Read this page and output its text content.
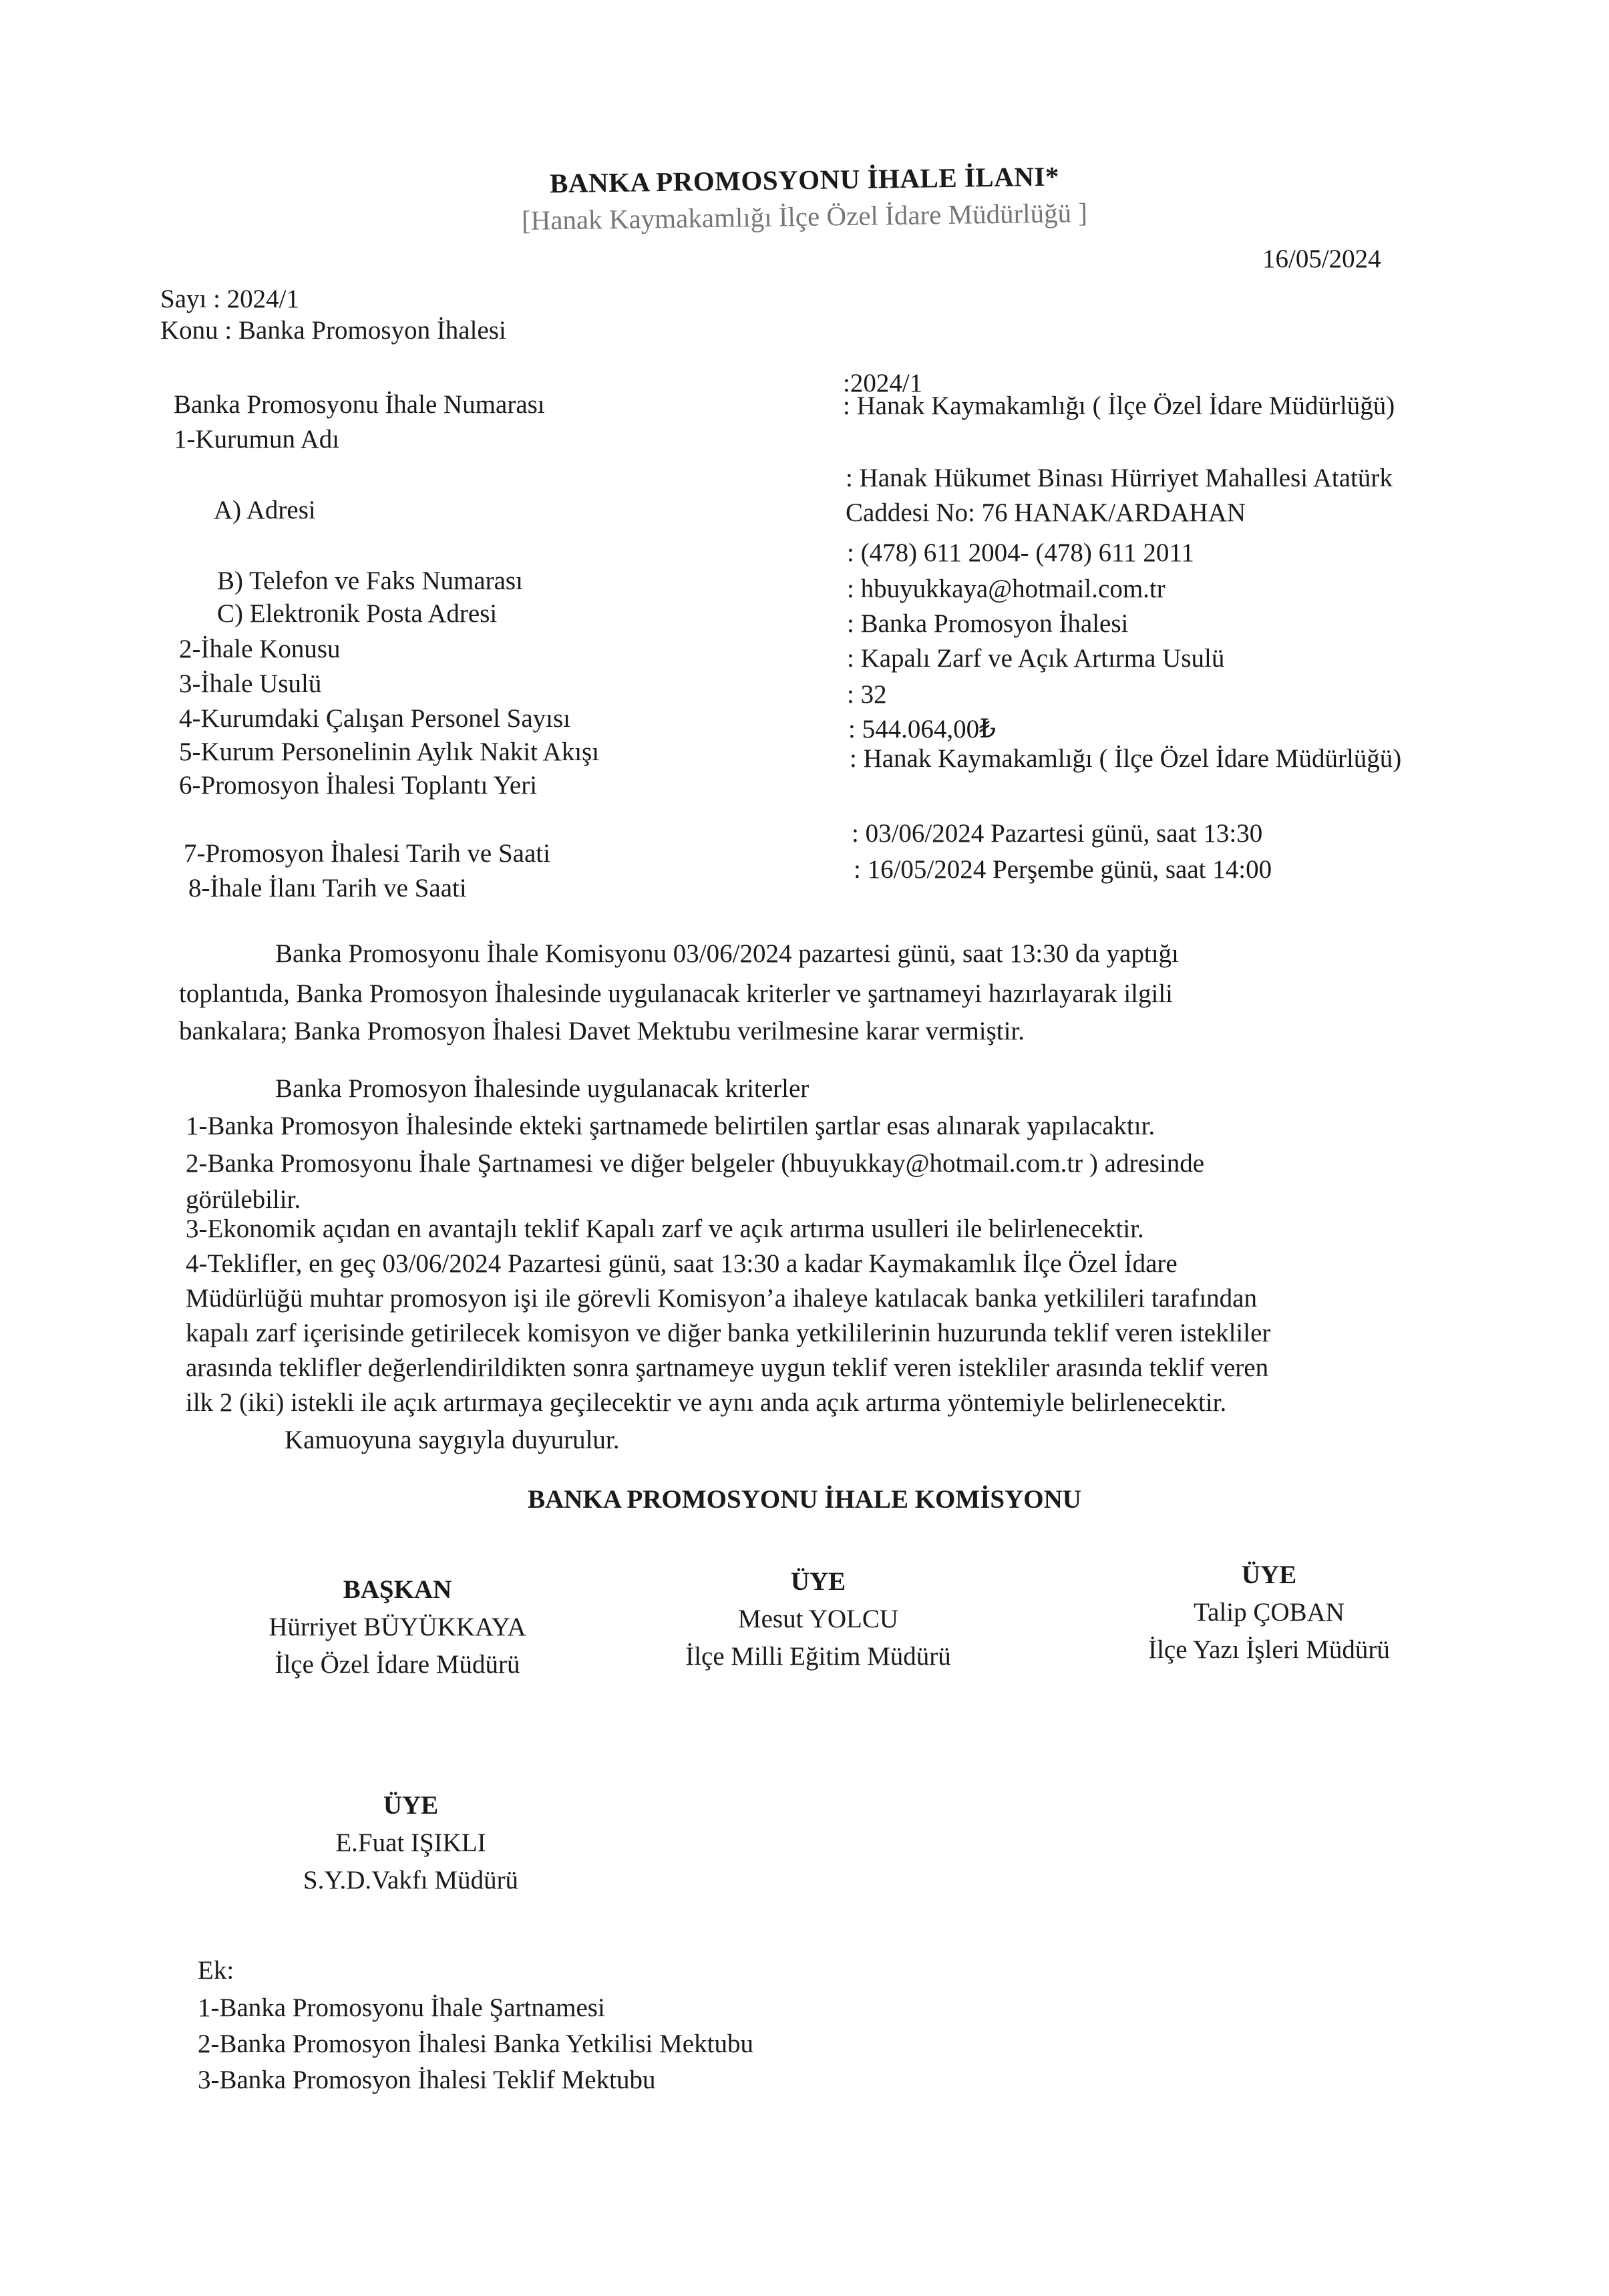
BANKA PROMOSYONU İHALE İLANI*
[Hanak Kaymakamlığı İlçe Özel İdare Müdürlüğü ]
16/05/2024
Sayı : 2024/1
Konu : Banka Promosyon İhalesi
Banka Promosyonu İhale Numarası
1-Kurumun Adı
A) Adresi
B) Telefon ve Faks Numarası
C) Elektronik Posta Adresi
2-İhale Konusu
3-İhale Usulü
4-Kurumdaki Çalışan Personel Sayısı
5-Kurum Personelinin Aylık Nakit Akışı
6-Promosyon İhalesi Toplantı Yeri
7-Promosyon İhalesi Tarih ve Saati
8-İhale İlanı Tarih ve Saati
:2024/1
: Hanak Kaymakamlığı ( İlçe Özel İdare Müdürlüğü)
: Hanak Hükumet Binası Hürriyet Mahallesi Atatürk Caddesi No: 76 HANAK/ARDAHAN
: (478) 611 2004- (478) 611 2011
: hbuyukkaya@hotmail.com.tr
: Banka Promosyon İhalesi
: Kapalı Zarf ve Açık Artırma Usulü
: 32
: 544.064,00₺
: Hanak Kaymakamlığı ( İlçe Özel İdare Müdürlüğü)
: 03/06/2024 Pazartesi günü, saat 13:30
: 16/05/2024 Perşembe günü, saat 14:00
Banka Promosyonu İhale Komisyonu 03/06/2024 pazartesi günü, saat 13:30 da yaptığı
toplantıda, Banka Promosyon İhalesinde uygulanacak kriterler ve şartnameyi hazırlayarak ilgili
bankalara; Banka Promosyon İhalesi Davet Mektubu verilmesine karar vermiştir.
Banka Promosyon İhalesinde uygulanacak kriterler
1-Banka Promosyon İhalesinde ekteki şartnamede belirtilen şartlar esas alınarak yapılacaktır.
2-Banka Promosyonu İhale Şartnamesi ve diğer belgeler (hbuyukkay@hotmail.com.tr ) adresinde
görülebilir.
3-Ekonomik açıdan en avantajlı teklif Kapalı zarf ve açık artırma usulleri ile belirlenecektir.
4-Teklifler, en geç 03/06/2024 Pazartesi günü, saat 13:30 a kadar Kaymakamlık İlçe Özel İdare
Müdürlüğü muhtar promosyon işi ile görevli Komisyon’a ihaleye katılacak banka yetkilileri tarafından
kapalı zarf içerisinde getirilecek komisyon ve diğer banka yetkililerinin huzurunda teklif veren istekliler
arasında teklifler değerlendirildikten sonra şartnameye uygun teklif veren istekliler arasında teklif veren
ilk 2 (iki) istekli ile açık artırmaya geçilecektir ve aynı anda açık artırma yöntemiyle belirlenecektir.
Kamuoyuna saygıyla duyurulur.
BANKA PROMOSYONU İHALE KOMİSYONU
BAŞKAN
Hürriyet BÜYÜKKAYA
İlçe Özel İdare Müdürü
ÜYE
Mesut YOLCU
İlçe Milli Eğitim Müdürü
ÜYE
Talip ÇOBAN
İlçe Yazı İşleri Müdürü
ÜYE
E.Fuat IŞIKLI
S.Y.D.Vakfı Müdürü
Ek:
1-Banka Promosyonu İhale Şartnamesi
2-Banka Promosyon İhalesi Banka Yetkilisi Mektubu
3-Banka Promosyon İhalesi Teklif Mektubu
